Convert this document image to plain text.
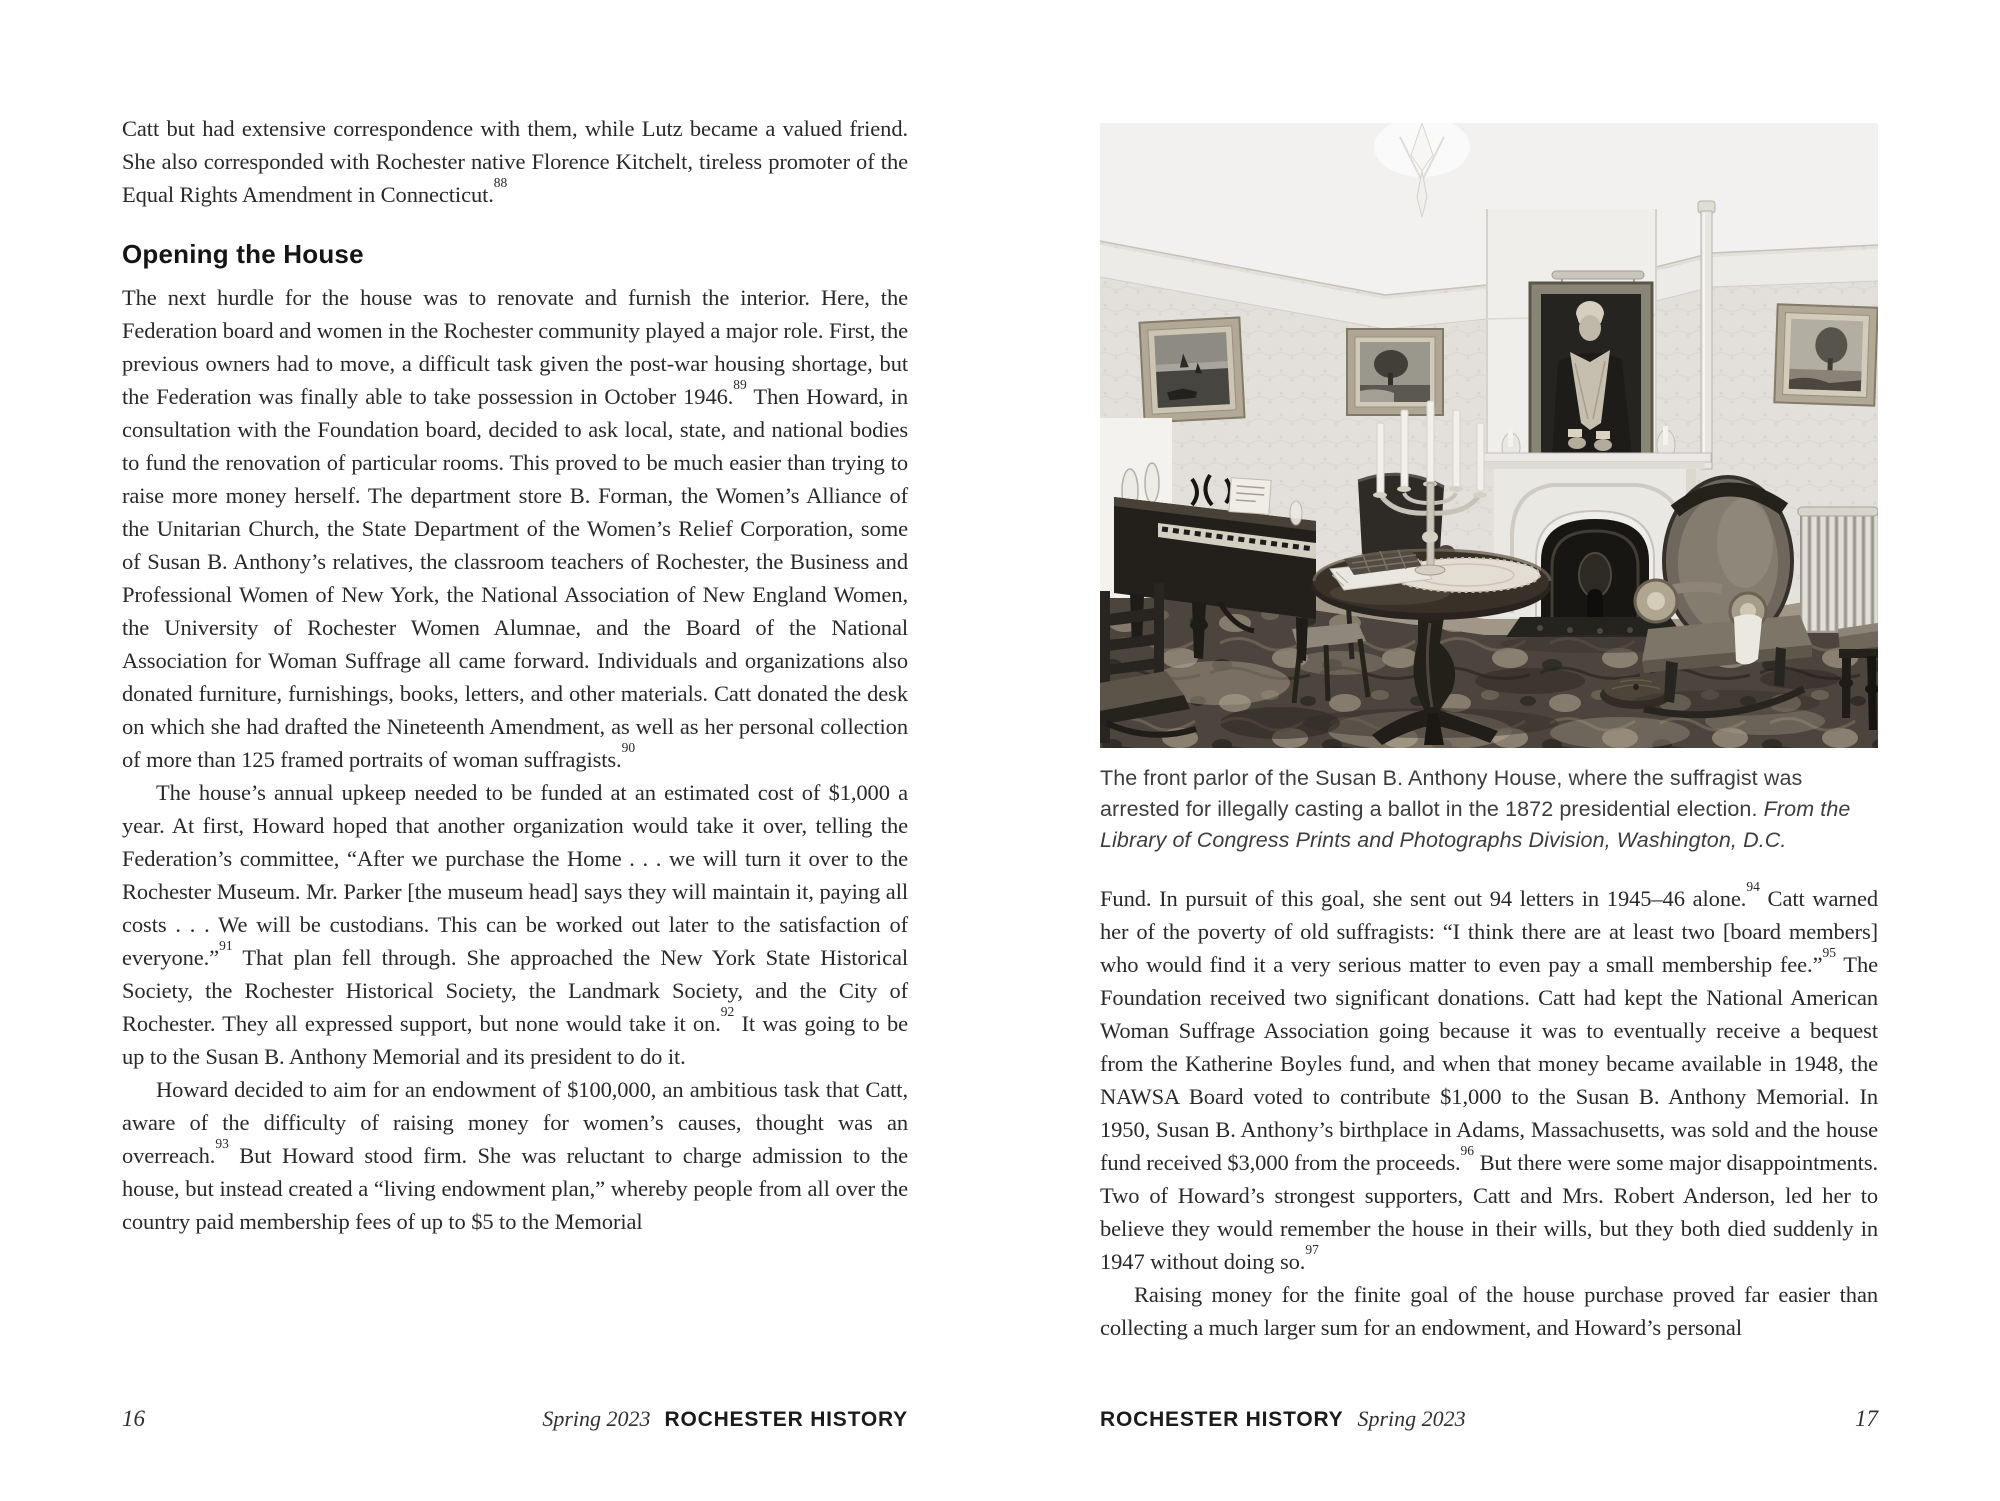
Catt but had extensive correspondence with them, while Lutz became a valued friend. She also corresponded with Rochester native Florence Kitchelt, tireless promoter of the Equal Rights Amendment in Connecticut.$^{88}$

Opening the House

The next hurdle for the house was to renovate and furnish the interior. Here, the Federation board and women in the Rochester community played a major role. First, the previous owners had to move, a difficult task given the post-war housing shortage, but the Federation was finally able to take possession in October 1946.89 Then Howard, in consultation with the Foundation board, decided to ask local, state, and national bodies to fund the renovation of particular rooms. This proved to be much easier than trying to raise more money herself. The department store B. Forman, the Women’s Alliance of the Unitarian Church, the State Department of the Women’s Relief Corporation, some of Susan B. Anthony’s relatives, the classroom teachers of Rochester, the Business and Professional Women of New York, the National Association of New England Women, the University of Rochester Women Alumnae, and the Board of the National Association for Woman Suffrage all came forward. Individuals and organizations also donated furniture, furnishings, books, letters, and other materials. Catt donated the desk on which she had drafted the Nineteenth Amendment, as well as her personal collection of more than 125 framed portraits of woman suffragists.$^{90}$

The house’s annual upkeep needed to be funded at an estimated cost of $1,000 a year. At first, Howard hoped that another organization would take it over, telling the Federation’s committee, “After we purchase the Home . . . we will turn it over to the Rochester Museum. Mr. Parker [the museum head] says they will maintain it, paying all costs . . . We will be custodians. This can be worked out later to the satisfaction of everyone.”$^{91}$ That plan fell through. She approached the New York State Historical Society, the Rochester Historical Society, the Landmark Society, and the City of Rochester. They all expressed support, but none would take it on.$^{92}$ It was going to be up to the Susan B. Anthony Memorial and its president to do it.

Howard decided to aim for an endowment of $100,000, an ambitious task that Catt, aware of the difficulty of raising money for women’s causes, thought was an overreach.$^{93}$ But Howard stood firm. She was reluctant to charge admission to the house, but instead created a “living endowment plan,” whereby people from all over the country paid membership fees of up to $5 to the Memorial

The front parlor of the Susan B. Anthony House, where the suffragist was arrested for illegally casting a ballot in the 1872 presidential election. From the Library of Congress Prints and Photographs Division, Washington, D.C.

Fund. In pursuit of this goal, she sent out 94 letters in 1945–46 alone.$^{94}$ Catt warned her of the poverty of old suffragists: “I think there are at least two [board members] who would find it a very serious matter to even pay a small membership fee.”$^{95}$ The Foundation received two significant donations. Catt had kept the National American Woman Suffrage Association going because it was to eventually receive a bequest from the Katherine Boyles fund, and when that money became available in 1948, the NAWSA Board voted to contribute $1,000 to the Susan B. Anthony Memorial. In 1950, Susan B. Anthony’s birthplace in Adams, Massachusetts, was sold and the house fund received $3,000 from the proceeds.$^{96}$ But there were some major disappointments. Two of Howard’s strongest supporters, Catt and Mrs. Robert Anderson, led her to believe they would remember the house in their wills, but they both died suddenly in 1947 without doing so.$^{97}$

Raising money for the finite goal of the house purchase proved far easier than collecting a much larger sum for an endowment, and Howard’s personal

16	Spring 2023 ROCHESTER HISTORY	ROCHESTER HISTORY Spring 2023	17
